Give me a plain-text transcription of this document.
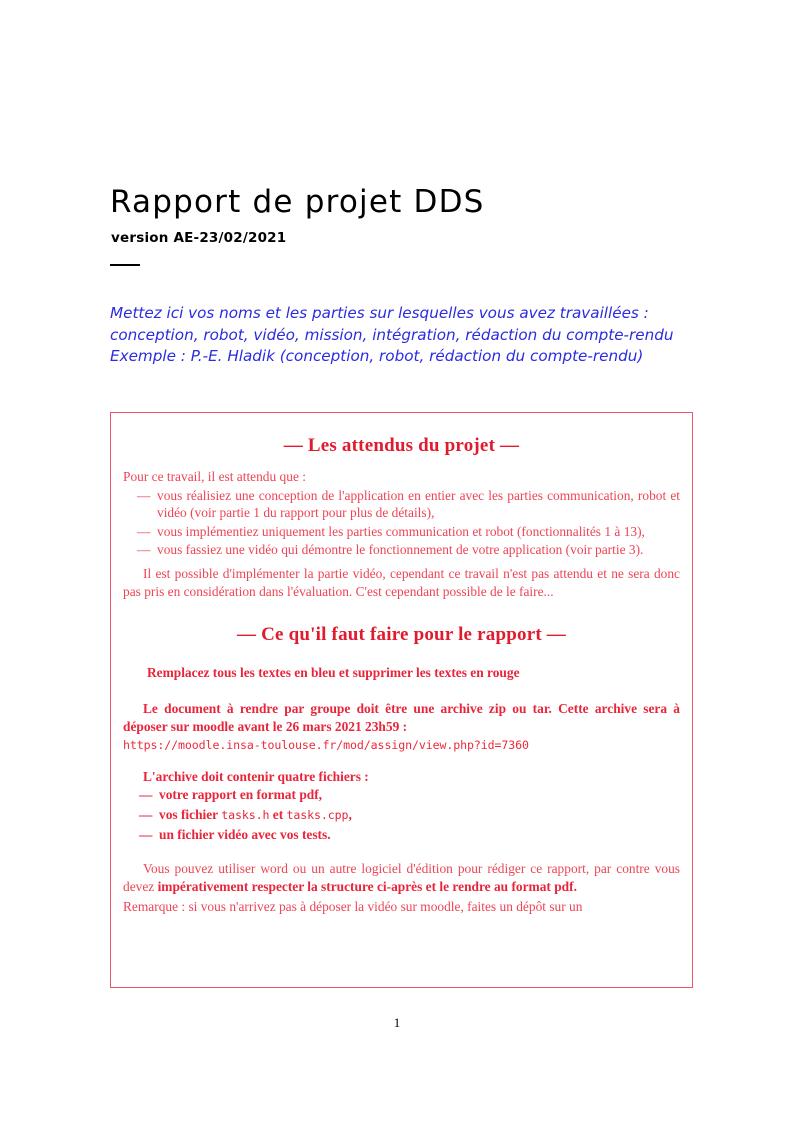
Rapport de projet DDS
version AE-23/02/2021
Mettez ici vos noms et les parties sur lesquelles vous avez travaillées :
conception, robot, vidéo, mission, intégration, rédaction du compte-rendu
Exemple : P.-E. Hladik (conception, robot, rédaction du compte-rendu)
— Les attendus du projet —
Pour ce travail, il est attendu que :
— vous réalisiez une conception de l'application en entier avec les parties communication, robot et vidéo (voir partie 1 du rapport pour plus de détails),
— vous implémentiez uniquement les parties communication et robot (fonctionnalités 1 à 13),
— vous fassiez une vidéo qui démontre le fonctionnement de votre application (voir partie 3).
Il est possible d'implémenter la partie vidéo, cependant ce travail n'est pas attendu et ne sera donc pas pris en considération dans l'évaluation. C'est cependant possible de le faire...
— Ce qu'il faut faire pour le rapport —
Remplacez tous les textes en bleu et supprimer les textes en rouge
Le document à rendre par groupe doit être une archive zip ou tar. Cette archive sera à déposer sur moodle avant le 26 mars 2021 23h59 :
https://moodle.insa-toulouse.fr/mod/assign/view.php?id=7360
L'archive doit contenir quatre fichiers :
— votre rapport en format pdf,
— vos fichier tasks.h et tasks.cpp,
— un fichier vidéo avec vos tests.
Vous pouvez utiliser word ou un autre logiciel d'édition pour rédiger ce rapport, par contre vous devez impérativement respecter la structure ci-après et le rendre au format pdf.
Remarque : si vous n'arrivez pas à déposer la vidéo sur moodle, faites un dépôt sur un
1
